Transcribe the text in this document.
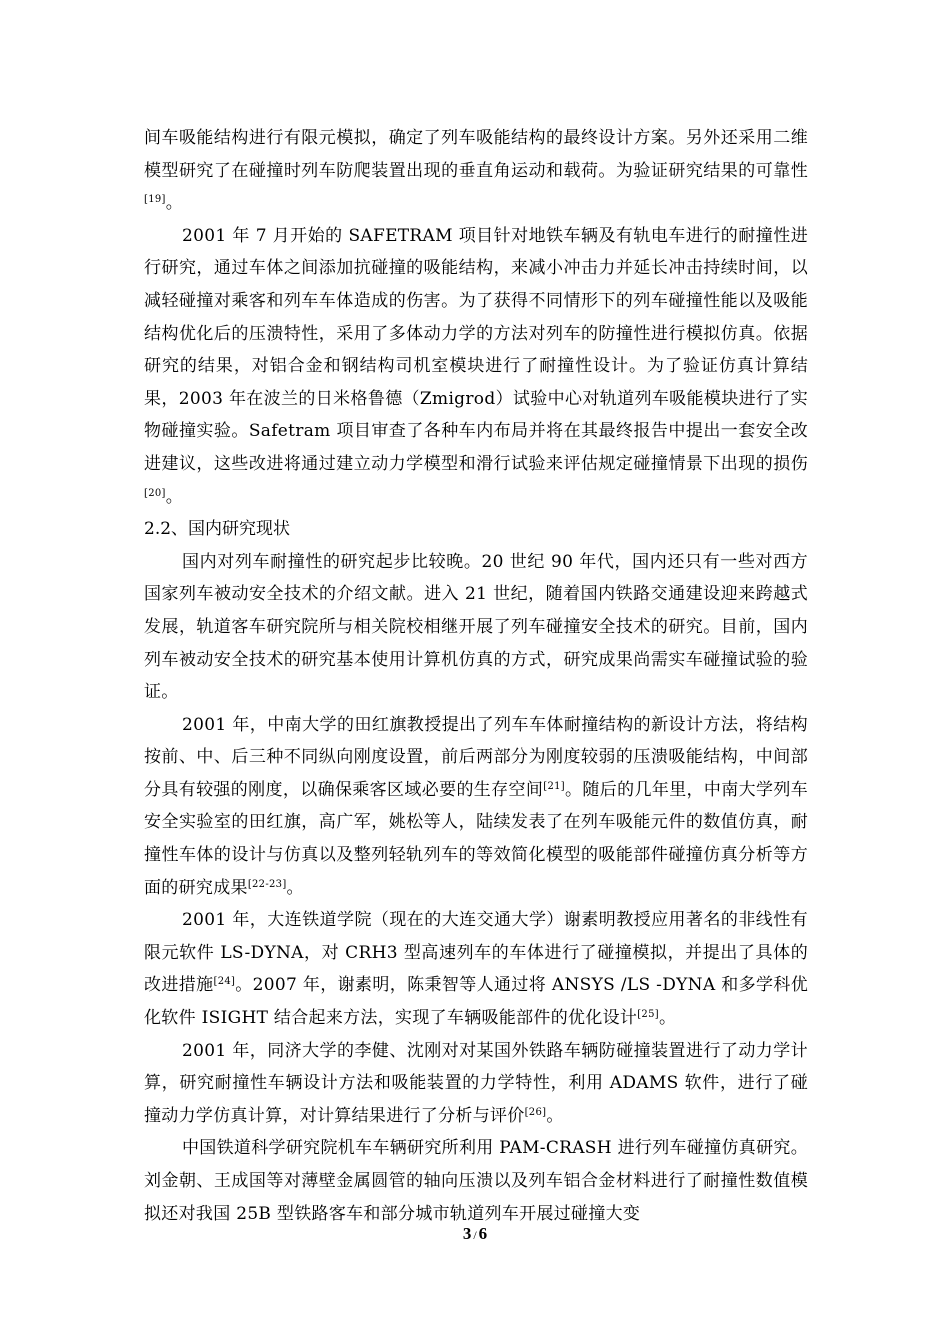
间车吸能结构进行有限元模拟，确定了列车吸能结构的最终设计方案。另外还采用二维模型研究了在碰撞时列车防爬装置出现的垂直角运动和载荷。为验证研究结果的可靠性[19]。

2001 年 7 月开始的 SAFETRAM 项目针对地铁车辆及有轨电车进行的耐撞性进行研究，通过车体之间添加抗碰撞的吸能结构，来减小冲击力并延长冲击持续时间，以减轻碰撞对乘客和列车车体造成的伤害。为了获得不同情形下的列车碰撞性能以及吸能结构优化后的压溃特性，采用了多体动力学的方法对列车的防撞性进行模拟仿真。依据研究的结果，对铝合金和钢结构司机室模块进行了耐撞性设计。为了验证仿真计算结果，2003 年在波兰的日米格鲁德（Zmigrod）试验中心对轨道列车吸能模块进行了实物碰撞实验。Safetram 项目审查了各种车内布局并将在其最终报告中提出一套安全改进建议，这些改进将通过建立动力学模型和滑行试验来评估规定碰撞情景下出现的损伤[20]。

2.2、国内研究现状

国内对列车耐撞性的研究起步比较晚。20 世纪 90 年代，国内还只有一些对西方国家列车被动安全技术的介绍文献。进入 21 世纪，随着国内铁路交通建设迎来跨越式发展，轨道客车研究院所与相关院校相继开展了列车碰撞安全技术的研究。目前，国内列车被动安全技术的研究基本使用计算机仿真的方式，研究成果尚需实车碰撞试验的验证。

2001 年，中南大学的田红旗教授提出了列车车体耐撞结构的新设计方法，将结构按前、中、后三种不同纵向刚度设置，前后两部分为刚度较弱的压溃吸能结构，中间部分具有较强的刚度，以确保乘客区域必要的生存空间[21]。随后的几年里，中南大学列车安全实验室的田红旗，高广军，姚松等人，陆续发表了在列车吸能元件的数值仿真，耐撞性车体的设计与仿真以及整列轻轨列车的等效简化模型的吸能部件碰撞仿真分析等方面的研究成果[22-23]。

2001 年，大连铁道学院（现在的大连交通大学）谢素明教授应用著名的非线性有限元软件 LS-DYNA，对 CRH3 型高速列车的车体进行了碰撞模拟，并提出了具体的改进措施[24]。2007 年，谢素明，陈秉智等人通过将 ANSYS /LS -DYNA 和多学科优化软件 ISIGHT 结合起来方法，实现了车辆吸能部件的优化设计[25]。

2001 年，同济大学的李健、沈刚对对某国外铁路车辆防碰撞装置进行了动力学计算，研究耐撞性车辆设计方法和吸能装置的力学特性，利用 ADAMS 软件，进行了碰撞动力学仿真计算，对计算结果进行了分析与评价[26]。

中国铁道科学研究院机车车辆研究所利用 PAM-CRASH 进行列车碰撞仿真研究。刘金朝、王成国等对薄壁金属圆管的轴向压溃以及列车铝合金材料进行了耐撞性数值模拟还对我国 25B 型铁路客车和部分城市轨道列车开展过碰撞大变

3 / 6
